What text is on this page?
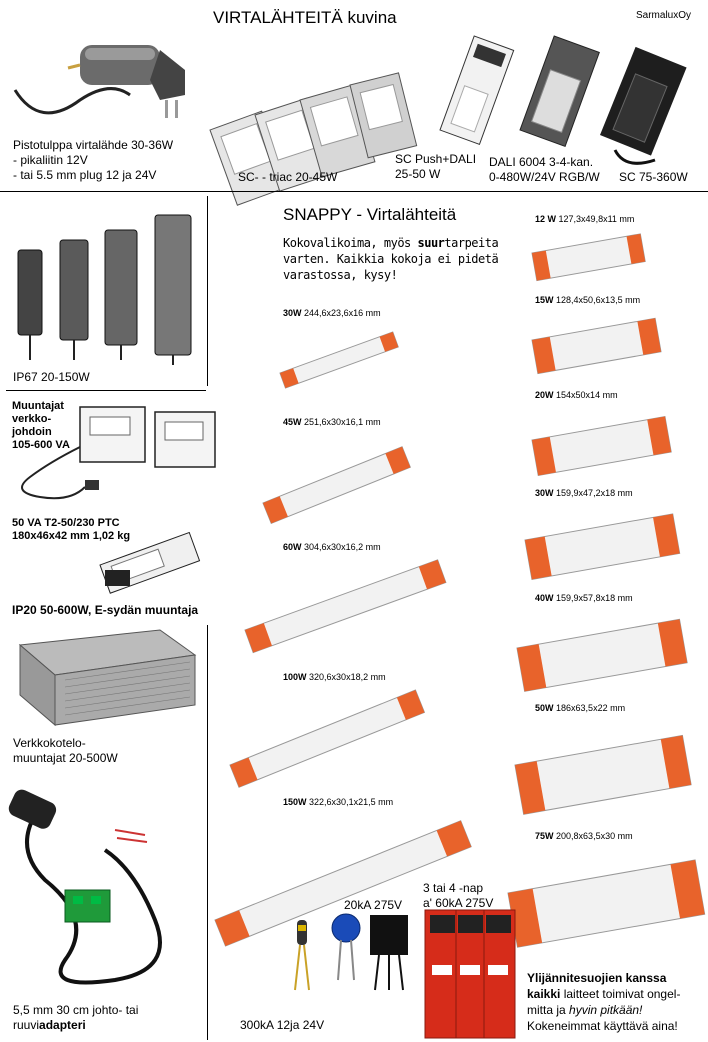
VIRTALÄHTEITÄ kuvina	SarmaluxOy
Pistotulppa virtalähde 30-36W
- pikaliitin 12V
- tai 5.5 mm plug 12 ja 24V	SC- - triac 20-45W
SC Push+DALI
25-50 W
DALI 6004 3-4-kan.
0-480W/24V RGB/W SC 75-360W
IP67 20-150W
Muuntajat
verkko-
johdoin
105-600 VA
50 VA T2-50/230 PTC
180x46x42 mm 1,02 kg
IP20 50-600W, E-sydän muuntaja
Verkkokotelo-
muuntajat 20-500W
5,5 mm 30 cm johto- tai
ruuviadapteri
SNAPPY - Virtalähteitä
Kokovalikoima, myös suurtarpeita varten. Kaikkia kokoja ei pidetä varastossa, kysy!
30W 244,6x23,6x16 mm
45W 251,6x30x16,1 mm
60W 304,6x30x16,2 mm
100W 320,6x30x18,2 mm
150W 322,6x30,1x21,5 mm
12 W 127,3x49,8x11 mm
15W 128,4x50,6x13,5 mm
20W 154x50x14 mm
30W 159,9x47,2x18 mm
40W 159,9x57,8x18 mm
50W 186x63,5x22 mm
75W 200,8x63,5x30 mm
20kA 275V
3 tai 4 -nap
a' 60kA 275V
300kA 12ja 24V
Ylijännitesuojien kanssa
kaikki laitteet toimivat ongel-
mitta ja hyvin pitkään!
Kokeneimmat käyttävä aina!
